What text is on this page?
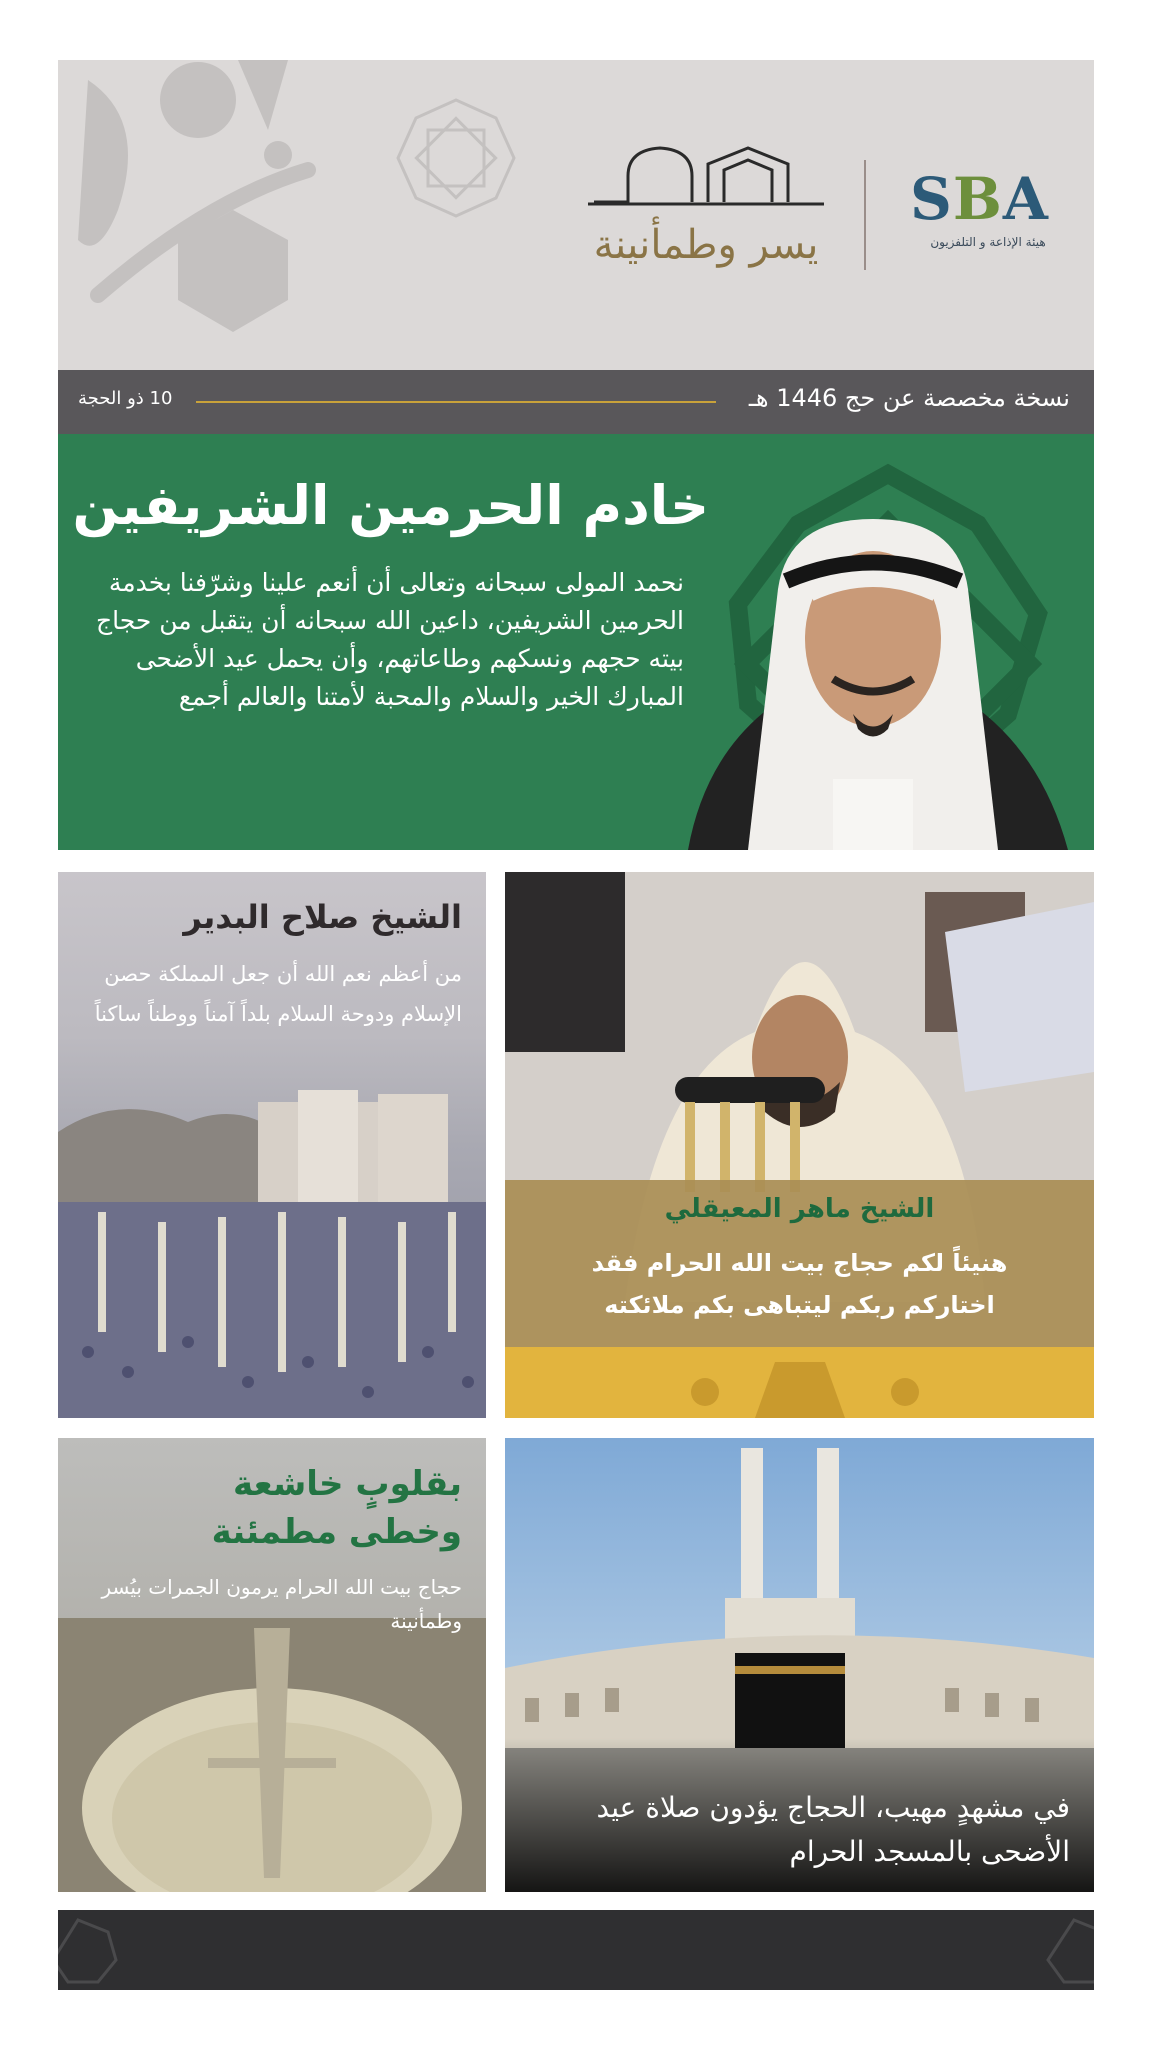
يسر وطمأنينة
SBA
هيئة الإذاعة و التلفزيون
نسخة مخصصة عن حج 1446 هـ
10 ذو الحجة
خادم الحرمين الشريفين
نحمد المولى سبحانه وتعالى أن أنعم علينا وشرّفنا بخدمة الحرمين الشريفين، داعين الله سبحانه أن يتقبل من حجاج بيته حجهم ونسكهم وطاعاتهم، وأن يحمل عيد الأضحى المبارك الخير والسلام والمحبة لأمتنا والعالم أجمع
الشيخ صلاح البدير
من أعظم نعم الله أن جعل المملكة حصن الإسلام ودوحة السلام بلداً آمناً ووطناً ساكناً
الشيخ ماهر المعيقلي
هنيئاً لكم حجاج بيت الله الحرام فقد اختاركم ربكم ليتباهى بكم ملائكته
بقلوبٍ خاشعة
وخطى مطمئنة
حجاج بيت الله الحرام يرمون الجمرات بيُسر وطمأنينة
في مشهدٍ مهيب، الحجاج يؤدون صلاة عيد الأضحى بالمسجد الحرام
